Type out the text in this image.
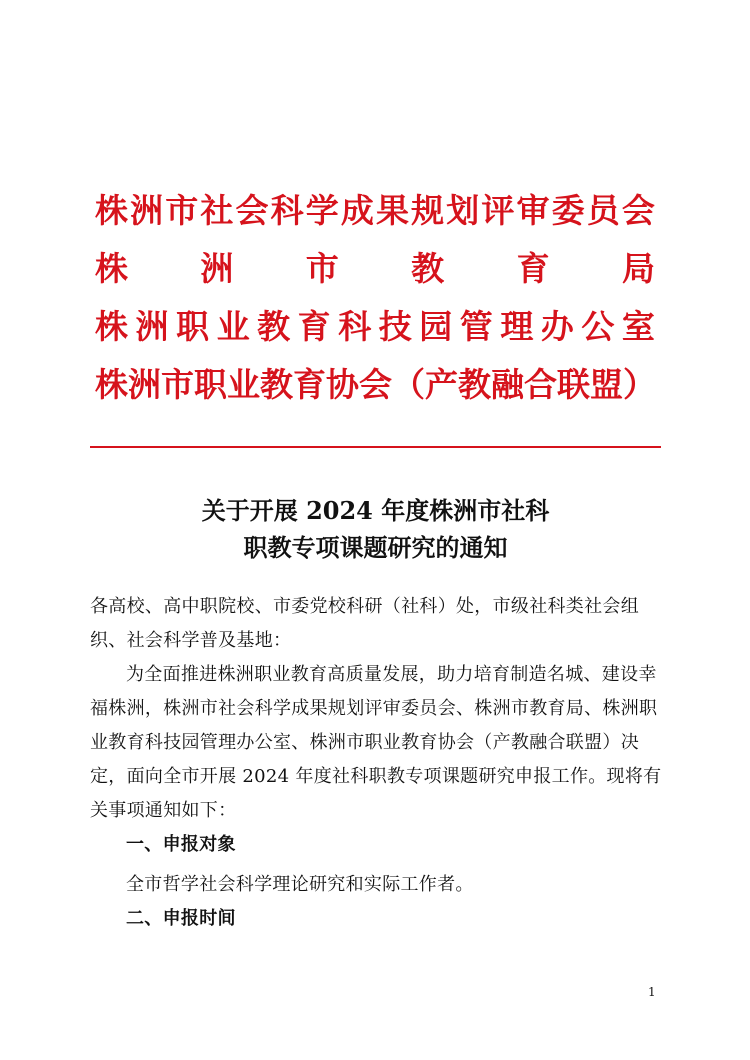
株 洲 市 社 会 科 学 成 果 规 划 评 审 委 员 会
株 洲 市 教 育 局
株 洲 职 业 教 育 科 技 园 管 理 办 公 室
株 洲 市 职 业 教 育 协 会 （ 产 教 融 合 联 盟 ）
关于开展 2024 年度株洲市社科
职教专项课题研究的通知

各高校、高中职院校、市委党校科研（社科）处，市级社科类社会组织、社会科学普及基地：

为全面推进株洲职业教育高质量发展，助力培育制造名城、建设幸福株洲，株洲市社会科学成果规划评审委员会、株洲市教育局、株洲职业教育科技园管理办公室、株洲市职业教育协会（产教融合联盟）决定，面向全市开展 2024 年度社科职教专项课题研究申报工作。现将有关事项通知如下：

一、申报对象

全市哲学社会科学理论研究和实际工作者。

二、申报时间

1
